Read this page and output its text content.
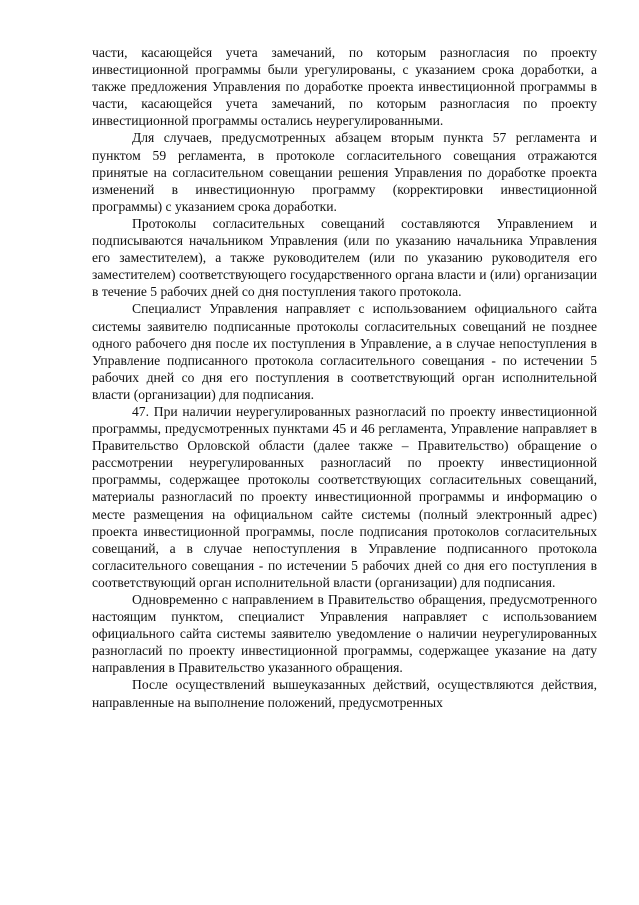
части, касающейся учета замечаний, по которым разногласия по проекту инвестиционной программы были урегулированы, с указанием срока доработки, а также предложения Управления по доработке проекта инвестиционной программы в части, касающейся учета замечаний, по которым разногласия по проекту инвестиционной программы остались неурегулированными.

Для случаев, предусмотренных абзацем вторым пункта 57 регламента и пунктом 59 регламента, в протоколе согласительного совещания отражаются принятые на согласительном совещании решения Управления по доработке проекта изменений в инвестиционную программу (корректировки инвестиционной программы) с указанием срока доработки.

Протоколы согласительных совещаний составляются Управлением и подписываются начальником Управления (или по указанию начальника Управления его заместителем), а также руководителем (или по указанию руководителя его заместителем) соответствующего государственного органа власти и (или) организации в течение 5 рабочих дней со дня поступления такого протокола.

Специалист Управления направляет с использованием официального сайта системы заявителю подписанные протоколы согласительных совещаний не позднее одного рабочего дня после их поступления в Управление, а в случае непоступления в Управление подписанного протокола согласительного совещания - по истечении 5 рабочих дней со дня его поступления в соответствующий орган исполнительной власти (организации) для подписания.

47. При наличии неурегулированных разногласий по проекту инвестиционной программы, предусмотренных пунктами 45 и 46 регламента, Управление направляет в Правительство Орловской области (далее также – Правительство) обращение о рассмотрении неурегулированных разногласий по проекту инвестиционной программы, содержащее протоколы соответствующих согласительных совещаний, материалы разногласий по проекту инвестиционной программы и информацию о месте размещения на официальном сайте системы (полный электронный адрес) проекта инвестиционной программы, после подписания протоколов согласительных совещаний, а в случае непоступления в Управление подписанного протокола согласительного совещания - по истечении 5 рабочих дней со дня его поступления в соответствующий орган исполнительной власти (организации) для подписания.

Одновременно с направлением в Правительство обращения, предусмотренного настоящим пунктом, специалист Управления направляет с использованием официального сайта системы заявителю уведомление о наличии неурегулированных разногласий по проекту инвестиционной программы, содержащее указание на дату направления в Правительство указанного обращения.

После осуществлений вышеуказанных действий, осуществляются действия, направленные на выполнение положений, предусмотренных
